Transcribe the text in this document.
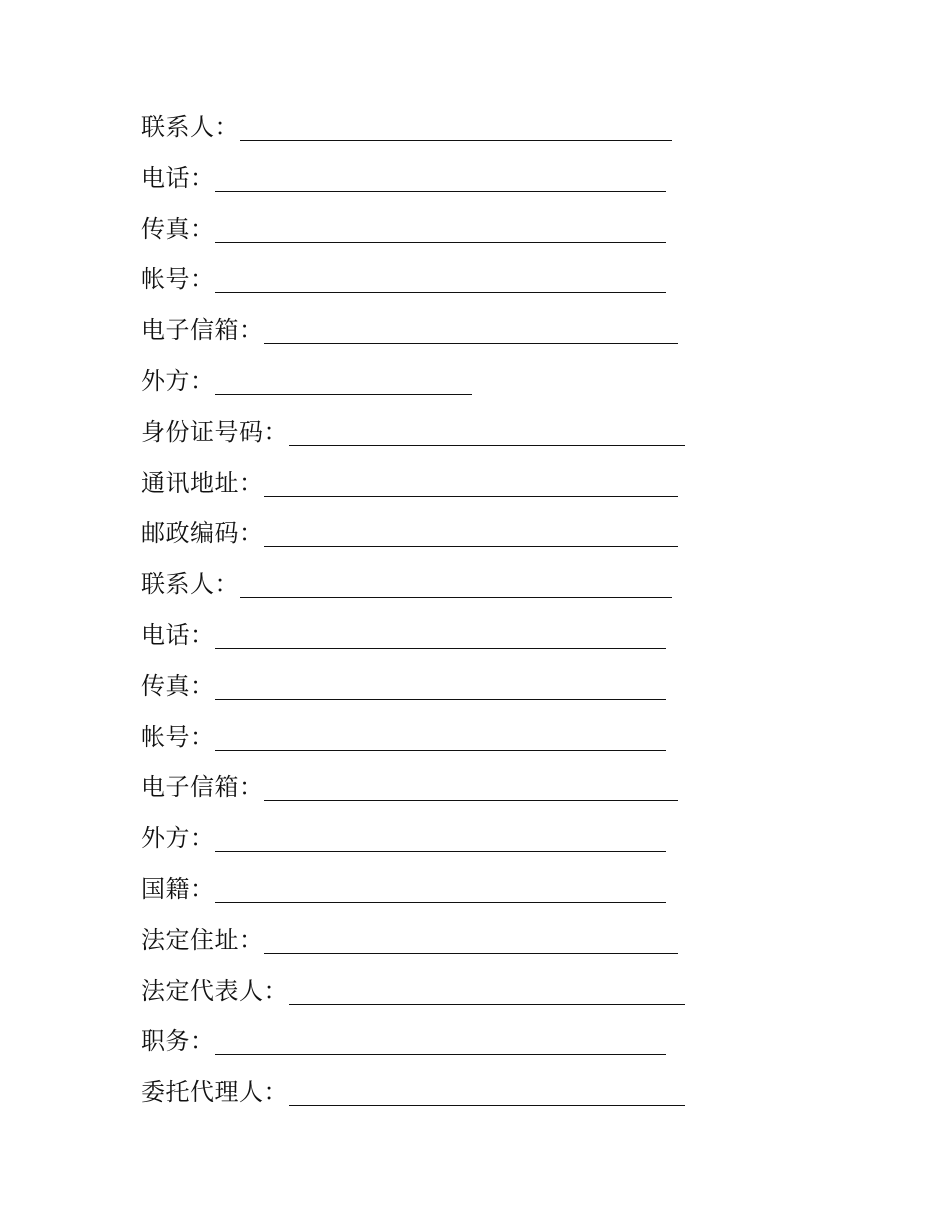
联系人：
电话：
传真：
帐号：
电子信箱：
外方：
身份证号码：
通讯地址：
邮政编码：
联系人：
电话：
传真：
帐号：
电子信箱：
外方：
国籍：
法定住址：
法定代表人：
职务：
委托代理人：
